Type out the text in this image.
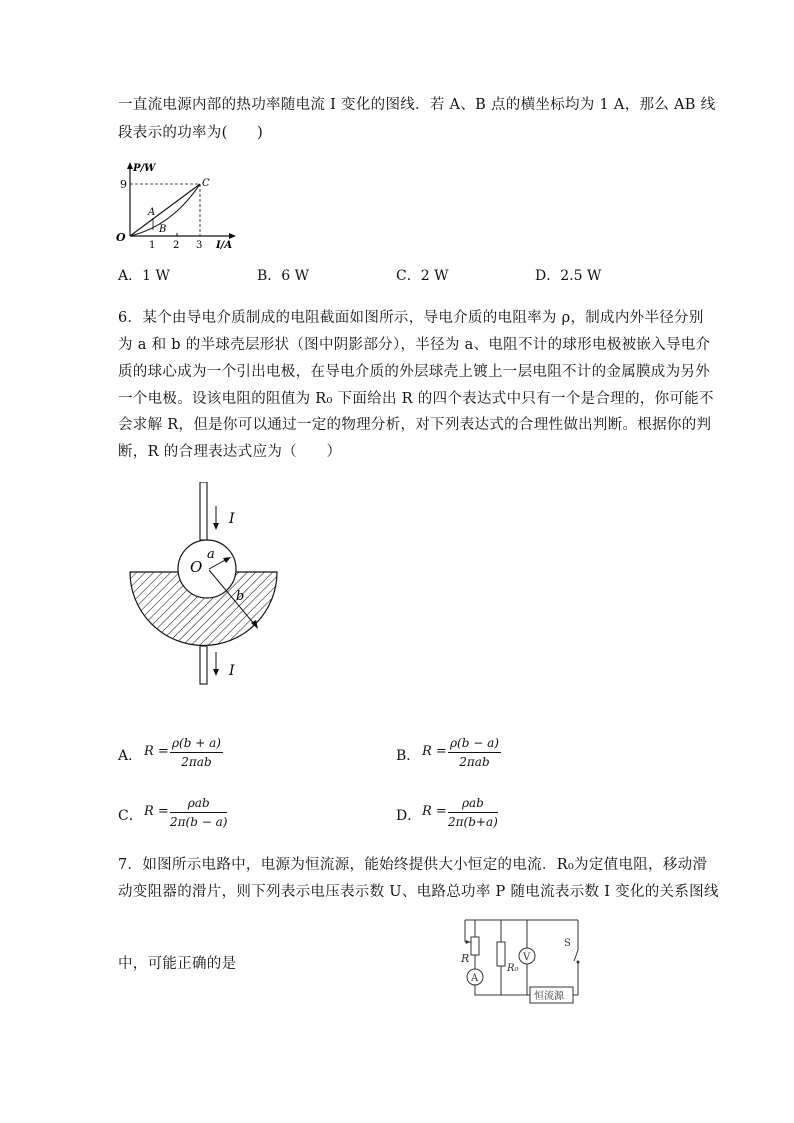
一直流电源内部的热功率随电流 I 变化的图线．若 A、B 点的横坐标均为 1 A，那么 AB 线
段表示的功率为(　　)
O
9
P/W
I/A
1 2 3
A
B
C
A．1 W	B．6 W	C．2 W	D．2.5 W
6．某个由导电介质制成的电阻截面如图所示，导电介质的电阻率为 ρ，制成内外半径分别
为 a 和 b 的半球壳层形状（图中阴影部分），半径为 a、电阻不计的球形电极被嵌入导电介
质的球心成为一个引出电极，在导电介质的外层球壳上镀上一层电阻不计的金属膜成为另外
一个电极。设该电阻的阻值为 R₀ 下面给出 R 的四个表达式中只有一个是合理的，你可能不
会求解 R，但是你可以通过一定的物理分析，对下列表达式的合理性做出判断。根据你的判
断，R 的合理表达式应为（　　）
I
I
O
a
b
A． R =
ρ(b + a)
2πab	B． R =
ρ(b − a)
2πab
C． R =
ρab
2π(b − a)	D． R =
ρab
2π(b+a)
7．如图所示电路中，电源为恒流源，能始终提供大小恒定的电流．R₀为定值电阻，移动滑
动变阻器的滑片，则下列表示电压表示数 U、电路总功率 P 随电流表示数 I 变化的关系图线
中，可能正确的是	R
A
R₀
V
S
恒流源
